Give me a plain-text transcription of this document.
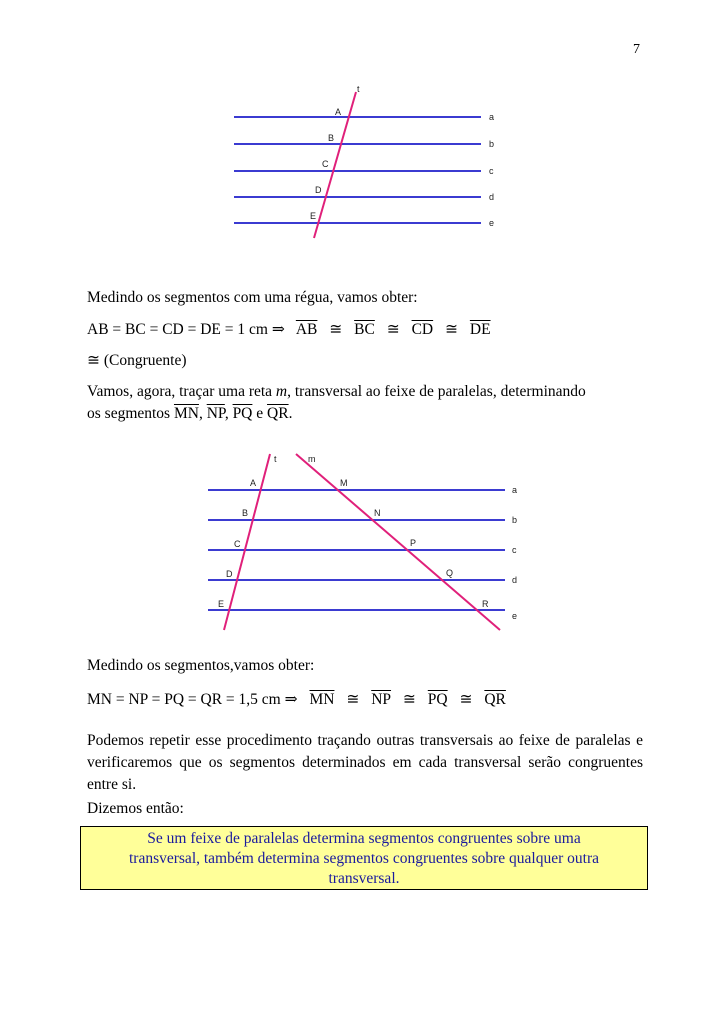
7
t
A
B
C
D
E
a
b
c
d
e

Medindo os segmentos com uma régua, vamos obter:

AB = BC = CD = DE = 1 cm ⇒ $\overline{AB}$ ≅ $\overline{BC}$ ≅ $\overline{CD}$ ≅ $\overline{DE}$

≅ (Congruente)

Vamos, agora, traçar uma reta m, transversal ao feixe de paralelas, determinando
os segmentos $\overline{MN}$, $\overline{NP}$, $\overline{PQ}$ e $\overline{QR}$.

t	m
A
B
C
D
E
M
N
P
Q
R
a
b
c
d
e

Medindo os segmentos,vamos obter:

MN = NP = PQ = QR = 1,5 cm ⇒ $\overline{MN}$ ≅ $\overline{NP}$ ≅ $\overline{PQ}$ ≅ $\overline{QR}$

Podemos repetir esse procedimento traçando outras transversais ao feixe de paralelas e verificaremos que os segmentos determinados em cada transversal serão congruentes entre si.

Dizemos então:

Se um feixe de paralelas determina segmentos congruentes sobre uma
transversal, também determina segmentos congruentes sobre qualquer outra
transversal.
